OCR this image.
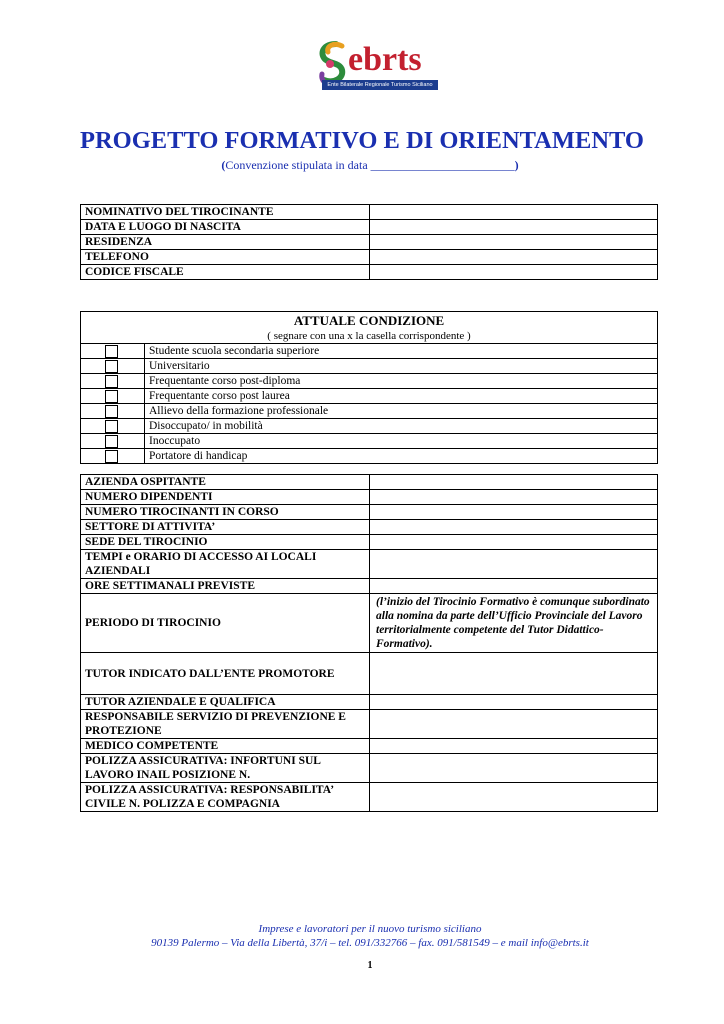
ebrts
Ente Bilaterale Regionale Turismo Siciliano
PROGETTO FORMATIVO E DI ORIENTAMENTO
(Convenzione stipulata in data ________________________)
NOMINATIVO DEL TIROCINANTE	
DATA E LUOGO DI NASCITA	
RESIDENZA	
TELEFONO	
CODICE FISCALE	
ATTUALE CONDIZIONE	
( segnare con una x la casella corrispondente )	
	Studente scuola secondaria superiore
	Universitario
	Frequentante corso post-diploma
	Frequentante corso post laurea
	Allievo della formazione professionale
	Disoccupato/ in mobilità
	Inoccupato
	Portatore di handicap
AZIENDA OSPITANTE	
NUMERO DIPENDENTI	
NUMERO TIROCINANTI IN CORSO	
SETTORE DI ATTIVITA’	
SEDE DEL TIROCINIO	
TEMPI e ORARIO DI ACCESSO AI LOCALI AZIENDALI	
ORE SETTIMANALI PREVISTE	
PERIODO DI TIROCINIO	(l’inizio del Tirocinio Formativo è comunque subordinato alla nomina da parte dell’Ufficio Provinciale del Lavoro territorialmente competente del Tutor Didattico-Formativo).
TUTOR INDICATO DALL’ENTE PROMOTORE	
TUTOR AZIENDALE E QUALIFICA	
RESPONSABILE SERVIZIO DI PREVENZIONE E PROTEZIONE	
MEDICO COMPETENTE	
POLIZZA ASSICURATIVA: INFORTUNI SUL LAVORO INAIL POSIZIONE N.	
POLIZZA ASSICURATIVA: RESPONSABILITA’ CIVILE N. POLIZZA E COMPAGNIA	
Imprese e lavoratori per il nuovo turismo siciliano
90139 Palermo – Via della Libertà, 37/i – tel. 091/332766 – fax. 091/581549 – e mail info@ebrts.it
1
